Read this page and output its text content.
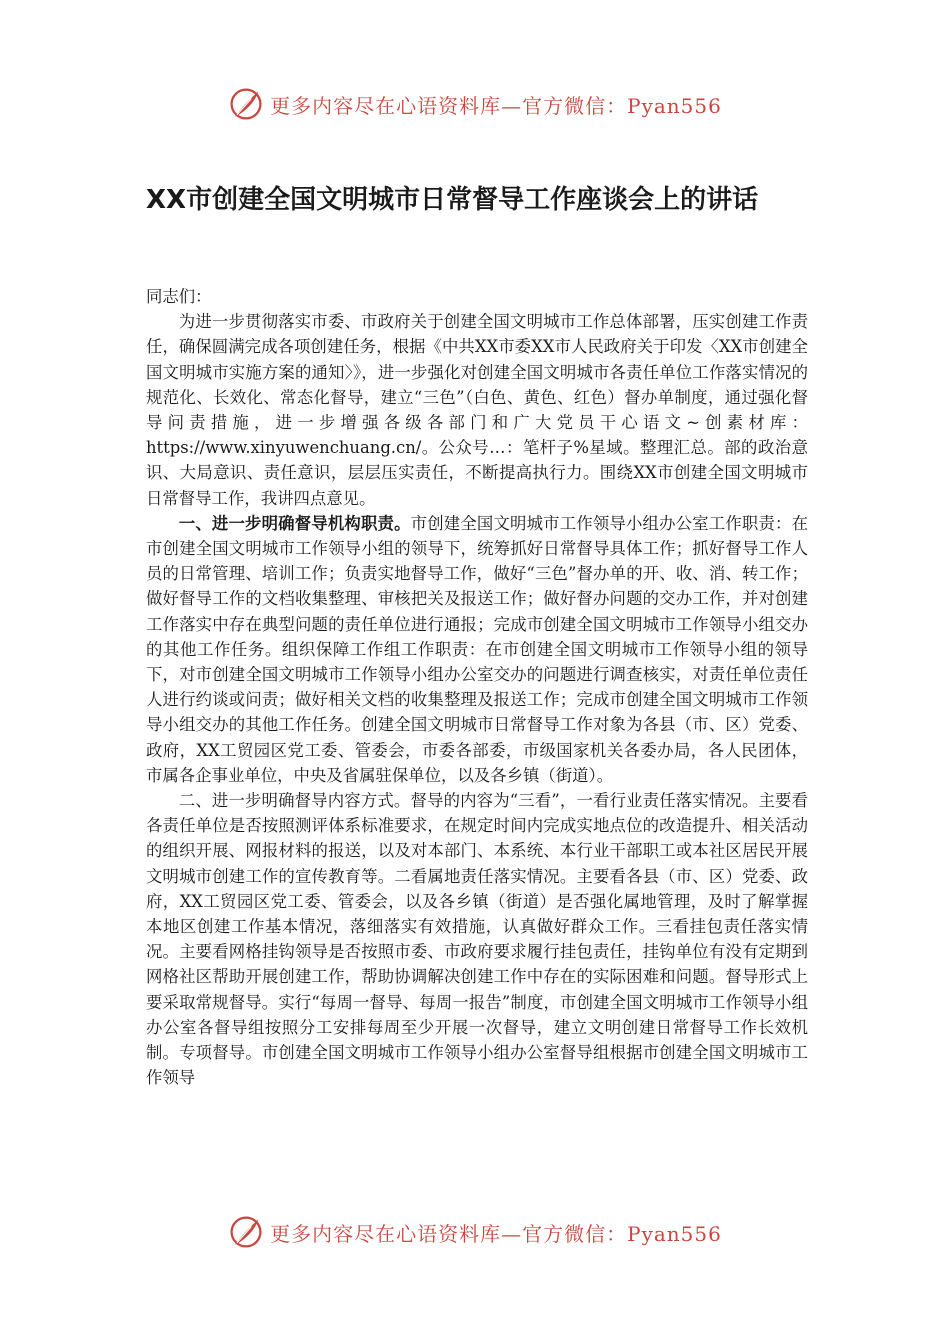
更多内容尽在心语资料库—官方微信：Pyan556
XX市创建全国文明城市日常督导工作座谈会上的讲话

同志们：

为进一步贯彻落实市委、市政府关于创建全国文明城市工作总体部署，压实创建工作责任，确保圆满完成各项创建任务，根据《中共XX市委XX市人民政府关于印发〈XX市创建全国文明城市实施方案的通知〉》，进一步强化对创建全国文明城市各责任单位工作落实情况的规范化、长效化、常态化督导，建立“三色”（白色、黄色、红色）督办单制度，通过强化督导问责措施，进一步增强各级各部门和广大党员干心语文~创素材库：https://www.xinyuwenchuang.cn/。公众号…：笔杆子%星域。整理汇总。部的政治意识、大局意识、责任意识，层层压实责任，不断提高执行力。围绕XX市创建全国文明城市日常督导工作，我讲四点意见。

一、进一步明确督导机构职责。市创建全国文明城市工作领导小组办公室工作职责：在市创建全国文明城市工作领导小组的领导下，统筹抓好日常督导具体工作；抓好督导工作人员的日常管理、培训工作；负责实地督导工作，做好“三色”督办单的开、收、消、转工作；做好督导工作的文档收集整理、审核把关及报送工作；做好督办问题的交办工作，并对创建工作落实中存在典型问题的责任单位进行通报；完成市创建全国文明城市工作领导小组交办的其他工作任务。组织保障工作组工作职责：在市创建全国文明城市工作领导小组的领导下，对市创建全国文明城市工作领导小组办公室交办的问题进行调查核实，对责任单位责任人进行约谈或问责；做好相关文档的收集整理及报送工作；完成市创建全国文明城市工作领导小组交办的其他工作任务。创建全国文明城市日常督导工作对象为各县（市、区）党委、政府，XX工贸园区党工委、管委会，市委各部委，市级国家机关各委办局，各人民团体，市属各企事业单位，中央及省属驻保单位，以及各乡镇（街道）。

二、进一步明确督导内容方式。督导的内容为“三看”，一看行业责任落实情况。主要看各责任单位是否按照测评体系标准要求，在规定时间内完成实地点位的改造提升、相关活动的组织开展、网报材料的报送，以及对本部门、本系统、本行业干部职工或本社区居民开展文明城市创建工作的宣传教育等。二看属地责任落实情况。主要看各县（市、区）党委、政府，XX工贸园区党工委、管委会，以及各乡镇（街道）是否强化属地管理，及时了解掌握本地区创建工作基本情况，落细落实有效措施，认真做好群众工作。三看挂包责任落实情况。主要看网格挂钩领导是否按照市委、市政府要求履行挂包责任，挂钩单位有没有定期到网格社区帮助开展创建工作，帮助协调解决创建工作中存在的实际困难和问题。督导形式上要采取常规督导。实行“每周一督导、每周一报告”制度，市创建全国文明城市工作领导小组办公室各督导组按照分工安排每周至少开展一次督导，建立文明创建日常督导工作长效机制。专项督导。市创建全国文明城市工作领导小组办公室督导组根据市创建全国文明城市工作领导

更多内容尽在心语资料库—官方微信：Pyan556
